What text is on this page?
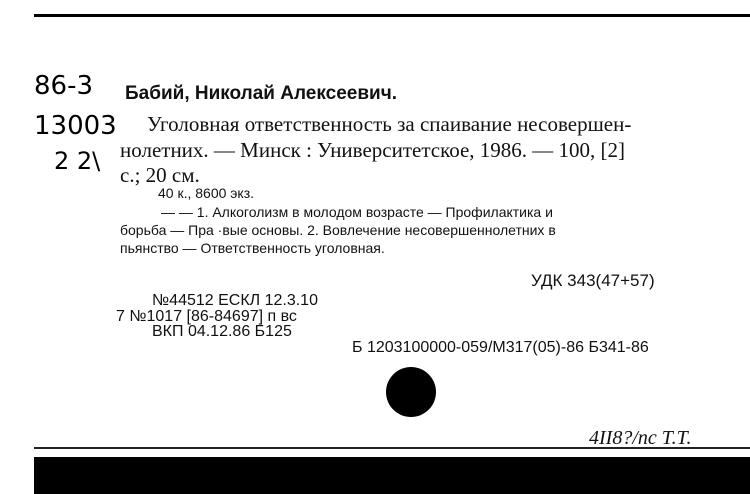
86-3
13003
2 2\
Бабий, Николай Алексеевич.
Уголовная ответственность за спаивание несовершен-
нолетних. — Минск : Университетское, 1986. — 100, [2]
с.; 20 см.
40 к., 8600 экз.
— — 1. Алкоголизм в молодом возрасте — Профилактика и
борьба — Пра ·вые основы. 2. Вовлечение несовершеннолетних в
пьянство — Ответственность уголовная.
УДК 343(47+57)
№44512 ЕСКЛ 12.3.10
7 №1017 [86-84697] п вс
ВКП 04.12.86 Б125
Б 1203100000-059/М317(05)-86 Б341-86
4II8?/пс Т.Т.
